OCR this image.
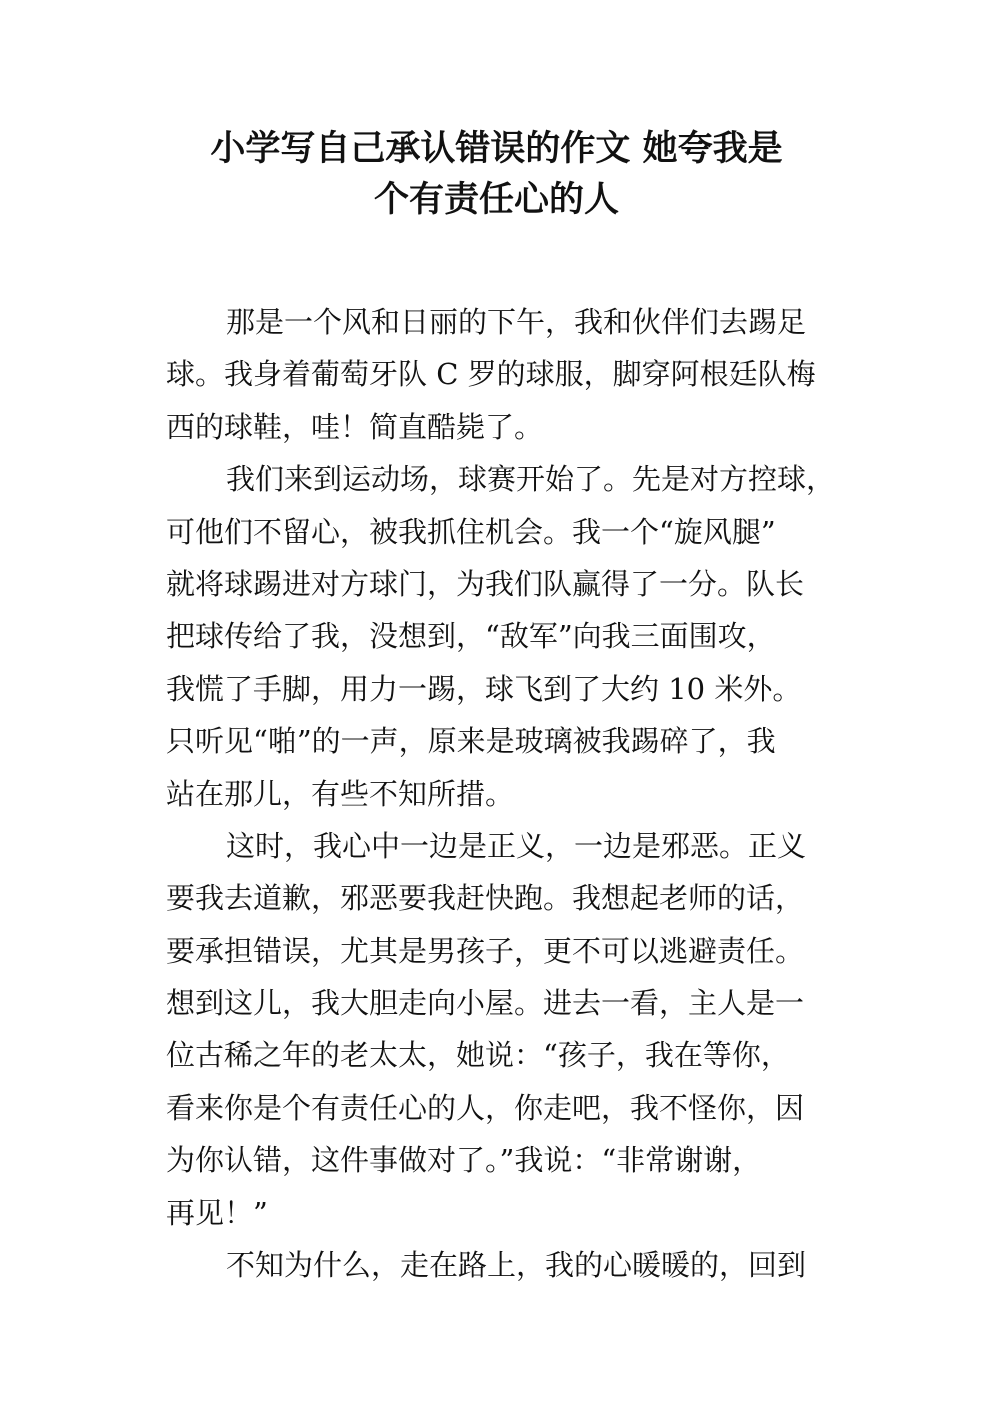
小学写自己承认错误的作文 她夸我是
个有责任心的人
那是一个风和日丽的下午，我和伙伴们去踢足
球。我身着葡萄牙队 C 罗的球服，脚穿阿根廷队梅
西的球鞋，哇！简直酷毙了。
我们来到运动场，球赛开始了。先是对方控球，
可他们不留心，被我抓住机会。我一个“旋风腿”
就将球踢进对方球门，为我们队赢得了一分。队长
把球传给了我，没想到，“敌军”向我三面围攻，
我慌了手脚，用力一踢，球飞到了大约 10 米外。
只听见“啪”的一声，原来是玻璃被我踢碎了，我
站在那儿，有些不知所措。
这时，我心中一边是正义，一边是邪恶。正义
要我去道歉，邪恶要我赶快跑。我想起老师的话，
要承担错误，尤其是男孩子，更不可以逃避责任。
想到这儿，我大胆走向小屋。进去一看，主人是一
位古稀之年的老太太，她说：“孩子，我在等你，
看来你是个有责任心的人，你走吧，我不怪你，因
为你认错，这件事做对了。”我说：“非常谢谢，
再见！”
不知为什么，走在路上，我的心暖暖的，回到
